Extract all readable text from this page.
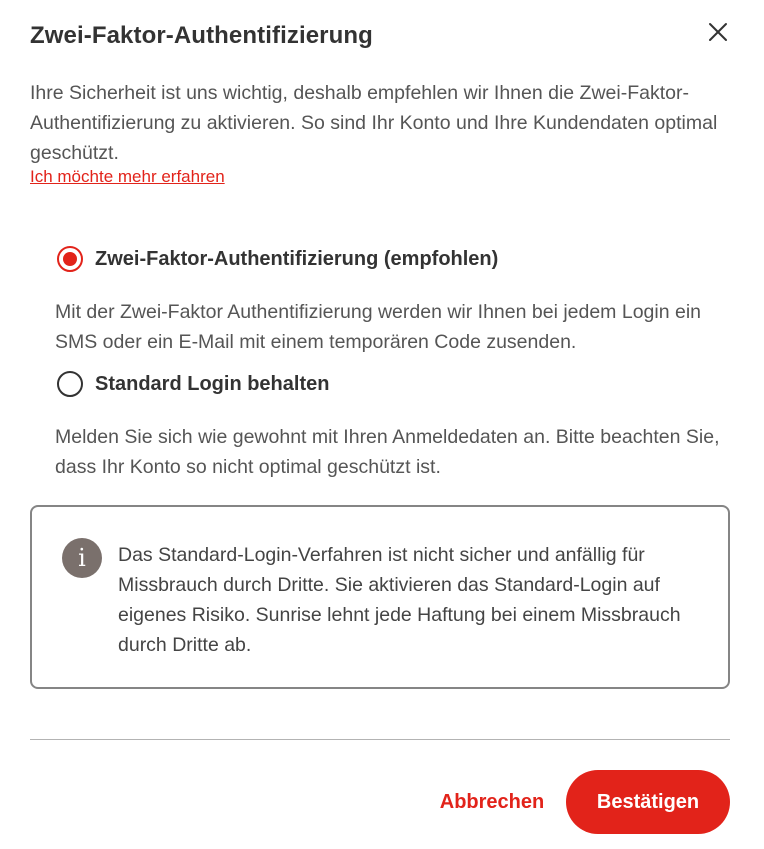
Zwei-Faktor-Authentifizierung
Ihre Sicherheit ist uns wichtig, deshalb empfehlen wir Ihnen die Zwei-Faktor-Authentifizierung zu aktivieren. So sind Ihr Konto und Ihre Kundendaten optimal geschützt.
Ich möchte mehr erfahren
Zwei-Faktor-Authentifizierung (empfohlen)
Mit der Zwei-Faktor Authentifizierung werden wir Ihnen bei jedem Login ein SMS oder ein E-Mail mit einem temporären Code zusenden.
Standard Login behalten
Melden Sie sich wie gewohnt mit Ihren Anmeldedaten an. Bitte beachten Sie, dass Ihr Konto so nicht optimal geschützt ist.
i	Das Standard-Login-Verfahren ist nicht sicher und anfällig für Missbrauch durch Dritte. Sie aktivieren das Standard-Login auf eigenes Risiko. Sunrise lehnt jede Haftung bei einem Missbrauch durch Dritte ab.
Abbrechen	Bestätigen
